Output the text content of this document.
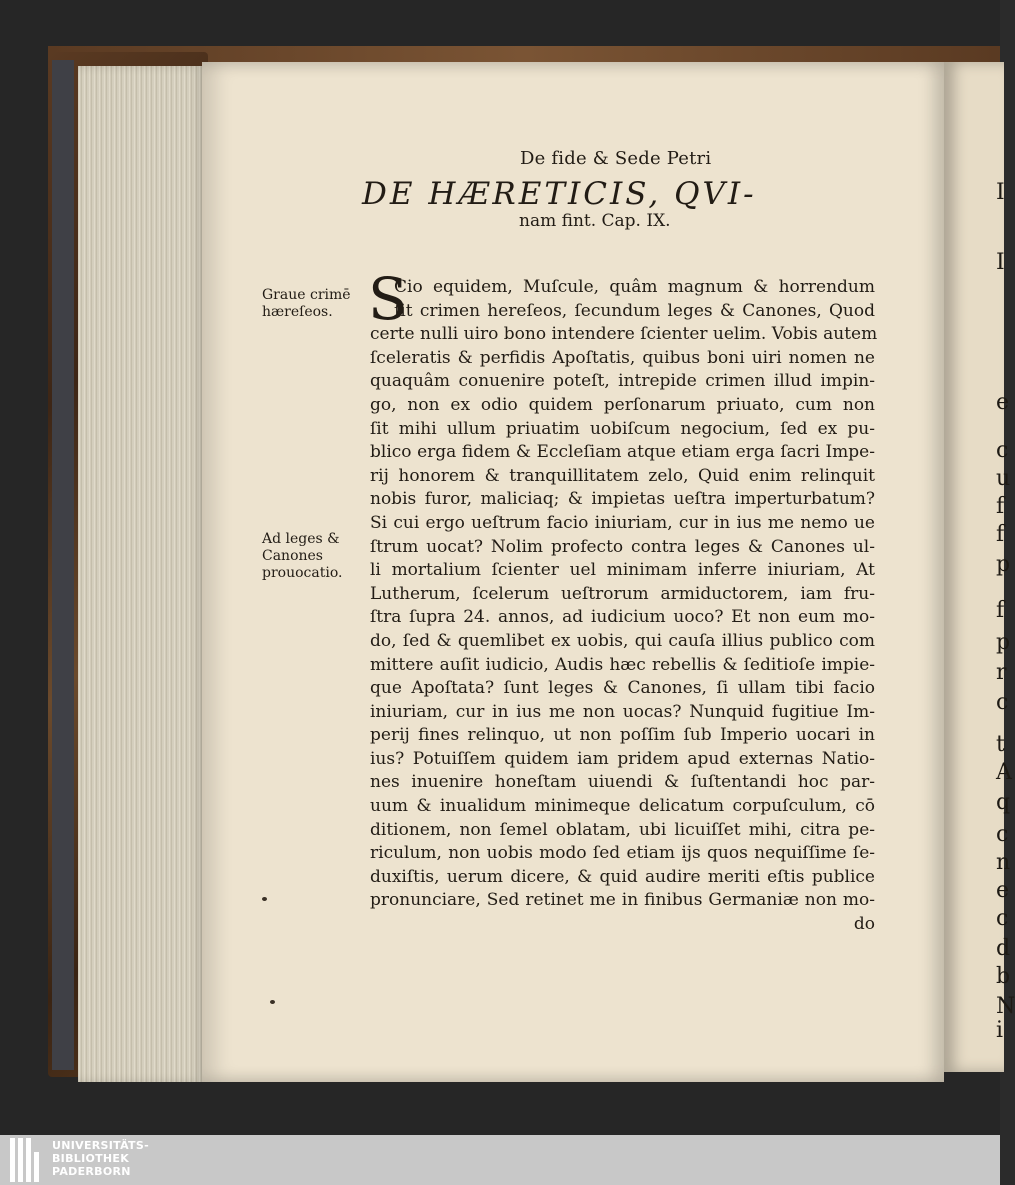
I
I
e
c
u
f
f
p
f
p
r
c
t
A
q
c
n
e
c
d
b
N
i
De fide & Sede Petri
DE HÆRETICIS, QVI-
nam fint. Cap. IX.
Graue crimē
hæreſeos.
Ad leges &
Canones
prouocatio.
S
Cio equidem, Muſcule, quâm magnum & horrendum
ſit crimen hereſeos, ſecundum leges & Canones, Quod
certe nulli uiro bono intendere ſcienter uelim. Vobis autem
ſceleratis & perfidis Apoſtatis, quibus boni uiri nomen ne
quaquâm conuenire poteſt, intrepide crimen illud impin-
go, non ex odio quidem perſonarum priuato, cum non
ſit mihi ullum priuatim uobiſcum negocium, ſed ex pu-
blico erga fidem & Eccleſiam atque etiam erga ſacri Impe-
rij honorem & tranquillitatem zelo, Quid enim relinquit
nobis furor, maliciaq; & impietas ueſtra imperturbatum?
Si cui ergo ueſtrum facio iniuriam, cur in ius me nemo ue
ſtrum uocat? Nolim profecto contra leges & Canones ul-
li mortalium ſcienter uel minimam inferre iniuriam, At
Lutherum, ſcelerum ueſtrorum armiductorem, iam fru-
ſtra ſupra 24. annos, ad iudicium uoco? Et non eum mo-
do, ſed & quemlibet ex uobis, qui cauſa illius publico com
mittere auſit iudicio, Audis hæc rebellis & ſeditioſe impie-
que Apoſtata? ſunt leges & Canones, ſi ullam tibi facio
iniuriam, cur in ius me non uocas? Nunquid fugitiue Im-
perij fines relinquo, ut non poſſim ſub Imperio uocari in
ius? Potuiſſem quidem iam pridem apud externas Natio-
nes inuenire honeſtam uiuendi & ſuſtentandi hoc par-
uum & inualidum minimeque delicatum corpuſculum, cō
ditionem, non ſemel oblatam, ubi licuiſſet mihi, citra pe-
riculum, non uobis modo ſed etiam ijs quos nequiſſime ſe-
duxiſtis, uerum dicere, & quid audire meriti eſtis publice
pronunciare, Sed retinet me in finibus Germaniæ non mo-
do
UNIVERSITÄTS-
BIBLIOTHEK
PADERBORN
